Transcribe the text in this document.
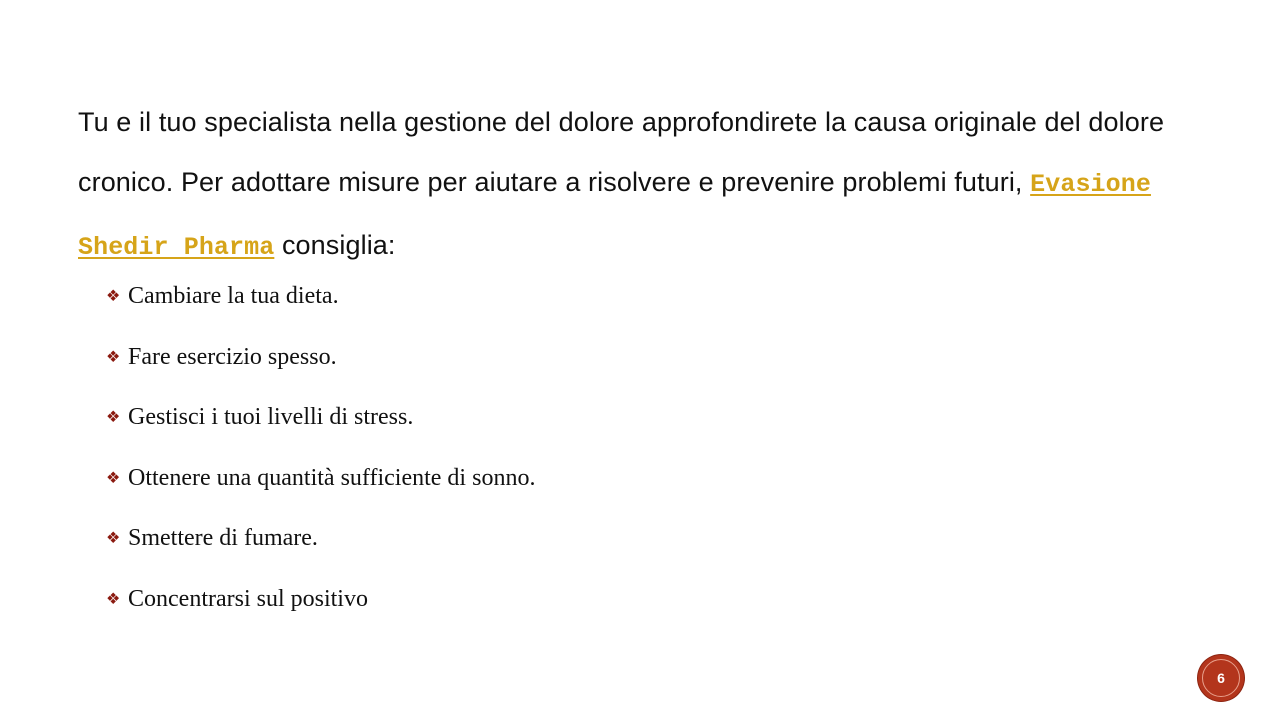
Tu e il tuo specialista nella gestione del dolore approfondirete la causa originale del dolore cronico. Per adottare misure per aiutare a risolvere e prevenire problemi futuri, Evasione Shedir Pharma consiglia:

❖ Cambiare la tua dieta.
❖ Fare esercizio spesso.
❖ Gestisci i tuoi livelli di stress.
❖ Ottenere una quantità sufficiente di sonno.
❖ Smettere di fumare.
❖ Concentrarsi sul positivo
6
